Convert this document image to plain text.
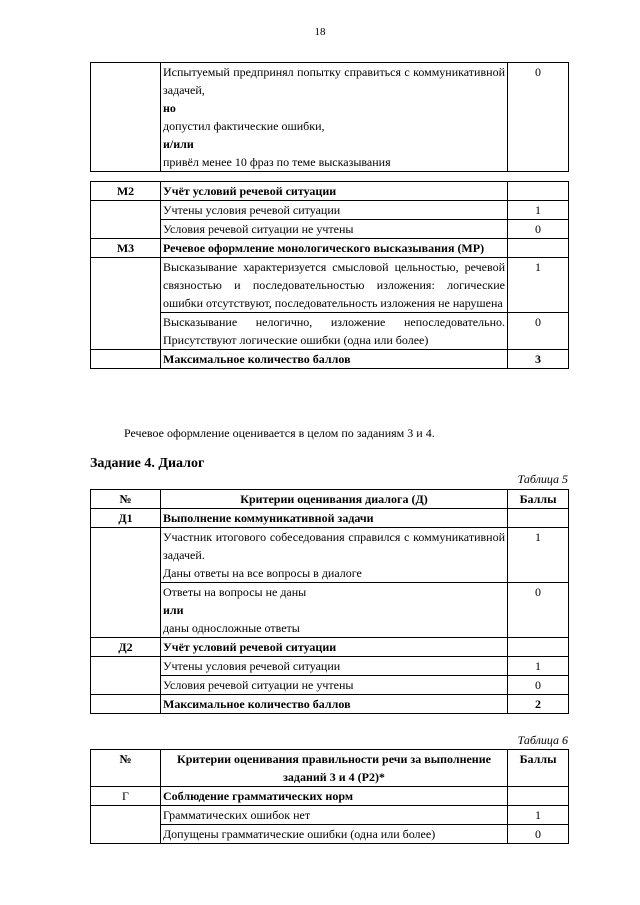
18

Испытуемый предпринял попытку справиться с коммуникативной задачей,
но
допустил фактические ошибки,
и/или
привёл менее 10 фраз по теме высказывания
	0
М2	Учёт условий речевой ситуации	
	Учтены условия речевой ситуации	1
	Условия речевой ситуации не учтены	0
М3	Речевое оформление монологического высказывания (МР)	
	Высказывание характеризуется смысловой цельностью, речевой связностью и последовательностью изложения: логические ошибки отсутствуют, последовательность изложения не нарушена	1
	Высказывание нелогично, изложение непоследовательно. Присутствуют логические ошибки (одна или более)	0
	Максимальное количество баллов	3
Речевое оформление оценивается в целом по заданиям 3 и 4.
Задание 4. Диалог
Таблица 5
№	Критерии оценивания диалога (Д)	Баллы
Д1	Выполнение коммуникативной задачи	

	Участник итогового собеседования справился с коммуникативной задачей.
Даны ответы на все вопросы в диалоге	1

	Ответы на вопросы не даны
или
даны односложные ответы	0
Д2	Учёт условий речевой ситуации	
	Учтены условия речевой ситуации	1
	Условия речевой ситуации не учтены	0
	Максимальное количество баллов	2
Таблица 6
№	Критерии оценивания правильности речи за выполнение заданий 3 и 4 (Р2)*	Баллы
Г	Соблюдение грамматических норм	
	Грамматических ошибок нет	1
	Допущены грамматические ошибки (одна или более)	0
